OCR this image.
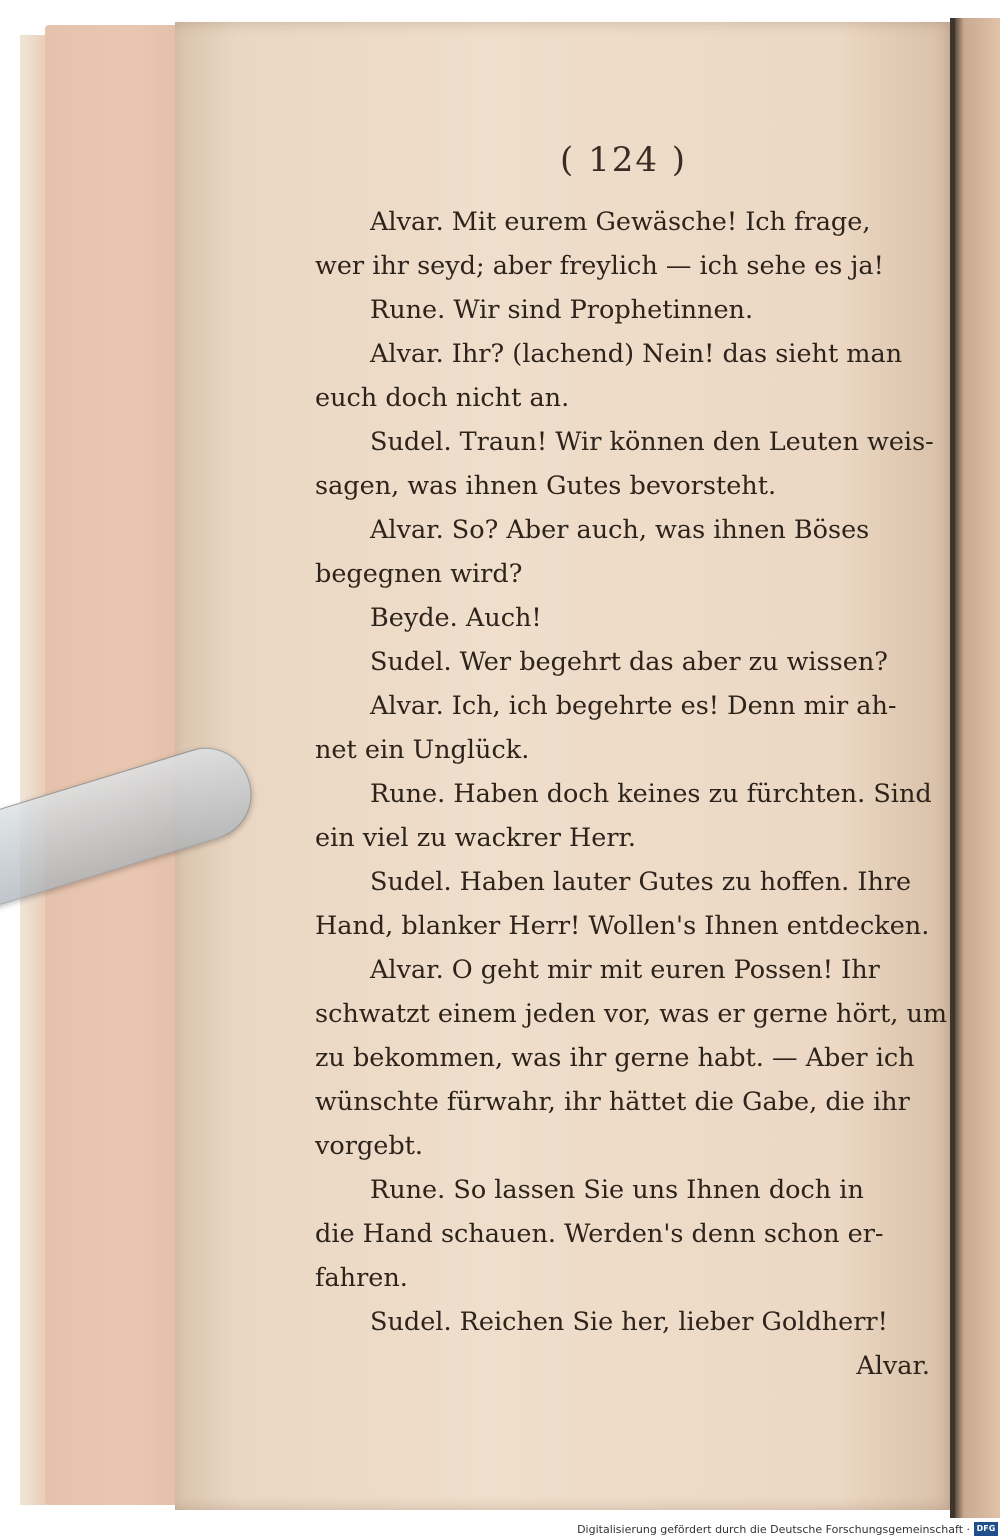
( 124 )
Alvar. Mit eurem Gewäsche! Ich frage,
wer ihr seyd; aber freylich — ich sehe es ja!
Rune. Wir sind Prophetinnen.
Alvar. Ihr? (lachend) Nein! das sieht man
euch doch nicht an.
Sudel. Traun! Wir können den Leuten weis-
sagen, was ihnen Gutes bevorsteht.
Alvar. So? Aber auch, was ihnen Böses
begegnen wird?
Beyde. Auch!
Sudel. Wer begehrt das aber zu wissen?
Alvar. Ich, ich begehrte es! Denn mir ah-
net ein Unglück.
Rune. Haben doch keines zu fürchten. Sind
ein viel zu wackrer Herr.
Sudel. Haben lauter Gutes zu hoffen. Ihre
Hand, blanker Herr! Wollen's Ihnen entdecken.
Alvar. O geht mir mit euren Possen! Ihr
schwatzt einem jeden vor, was er gerne hört, um
zu bekommen, was ihr gerne habt. — Aber ich
wünschte fürwahr, ihr hättet die Gabe, die ihr
vorgebt.
Rune. So lassen Sie uns Ihnen doch in
die Hand schauen. Werden's denn schon er-
fahren.
Sudel. Reichen Sie her, lieber Goldherr!
Alvar.
Digitalisierung gefördert durch die Deutsche Forschungsgemeinschaft · DFG
